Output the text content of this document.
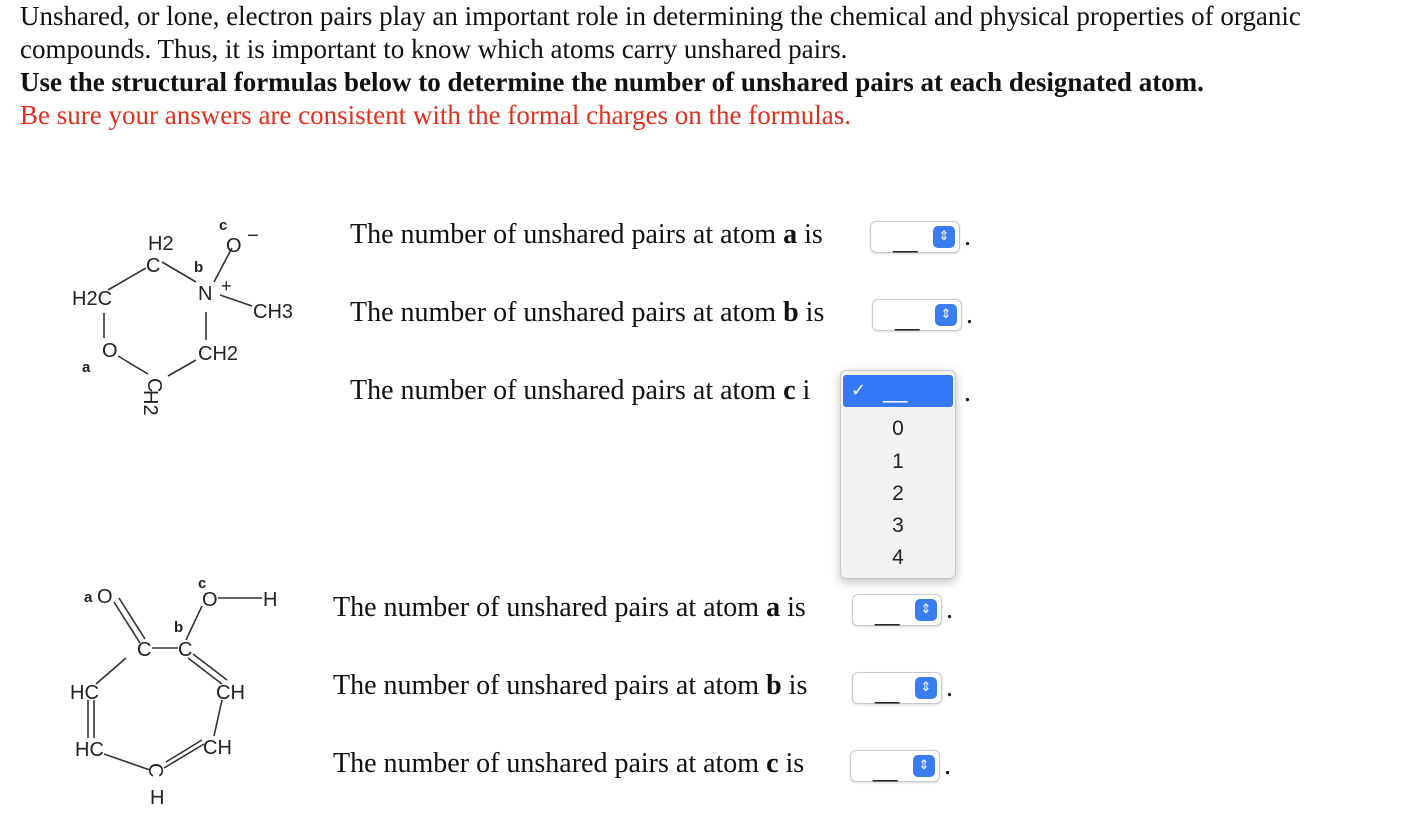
Unshared, or lone, electron pairs play an important role in determining the chemical and physical properties of organic compounds. Thus, it is important to know which atoms carry unshared pairs.

Use the structural formulas below to determine the number of unshared pairs at each designated atom.

Be sure your answers are consistent with the formal charges on the formulas.

H2
C
c
O −
b
N +
H2C
CH3
O
a
CH2
C
H2
a O
c
O H
b
C C
HC	CH
HC	CH
C
H
The number of unshared pairs at atom a is	__	⇕ .
The number of unshared pairs at atom b is	__	⇕ .
The number of unshared pairs at atom c i	.
✓ __
0
1
2
3
4
The number of unshared pairs at atom a is	__	⇕ .
The number of unshared pairs at atom b is	__	⇕ .
The number of unshared pairs at atom c is	__	⇕ .
